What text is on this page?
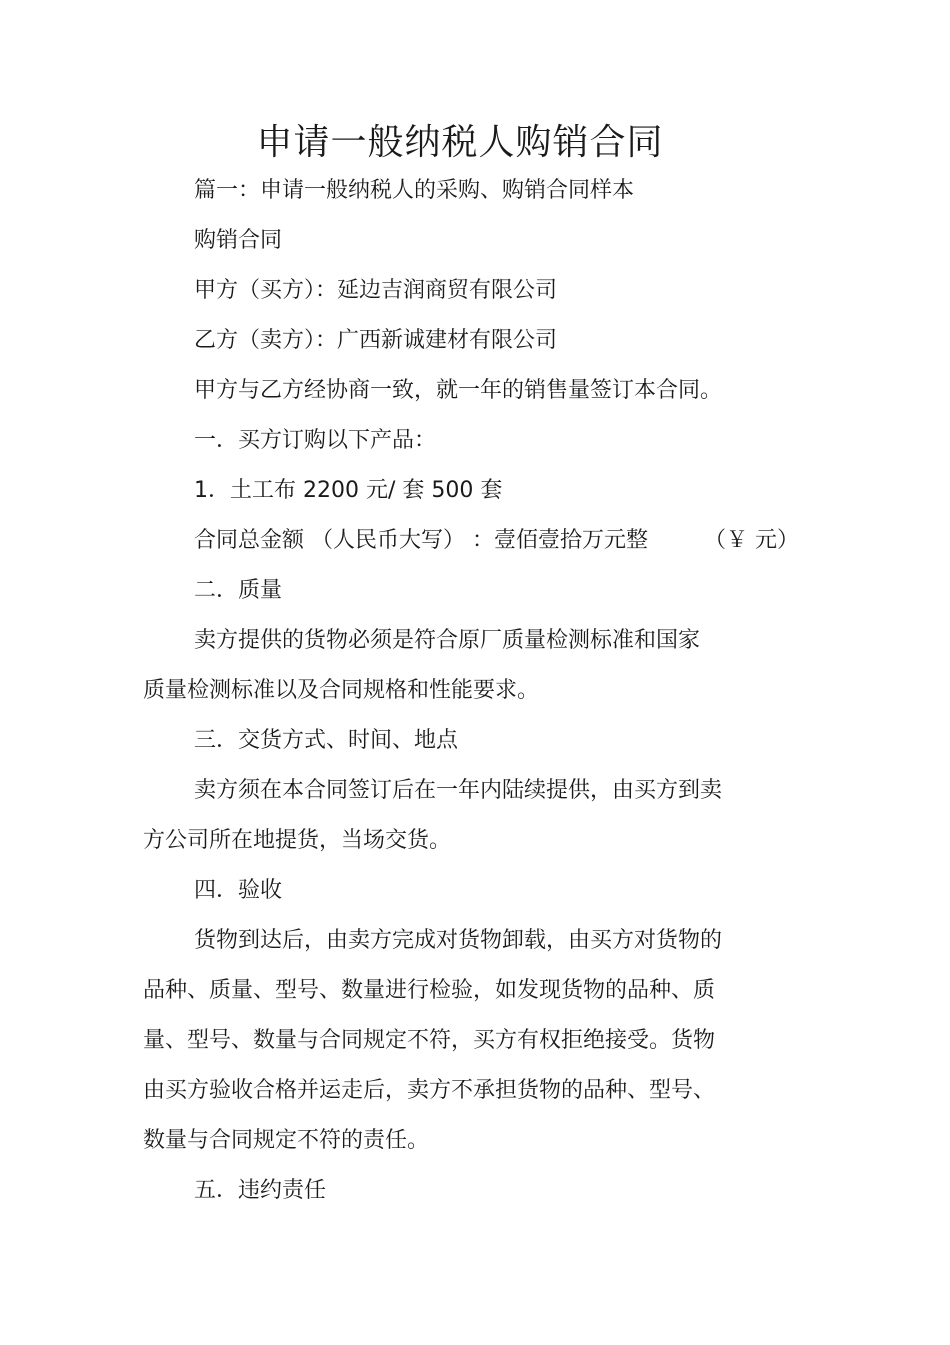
申请一般纳税人购销合同
篇一：申请一般纳税人的采购、购销合同样本
购销合同
甲方（买方）：延边吉润商贸有限公司
乙方（卖方）：广西新诚建材有限公司
甲方与乙方经协商一致，就一年的销售量签订本合同。
一．买方订购以下产品：
1．土工布 2200 元/ 套 500 套
合同总金额 （人民币大写） ：壹佰壹拾万元整	（￥ 元）
二．质量
卖方提供的货物必须是符合原厂质量检测标准和国家
质量检测标准以及合同规格和性能要求。
三．交货方式、时间、地点
卖方须在本合同签订后在一年内陆续提供，由买方到卖
方公司所在地提货，当场交货。
四．验收
货物到达后，由卖方完成对货物卸载，由买方对货物的
品种、质量、型号、数量进行检验，如发现货物的品种、质
量、型号、数量与合同规定不符，买方有权拒绝接受。货物
由买方验收合格并运走后，卖方不承担货物的品种、型号、
数量与合同规定不符的责任。
五．违约责任
